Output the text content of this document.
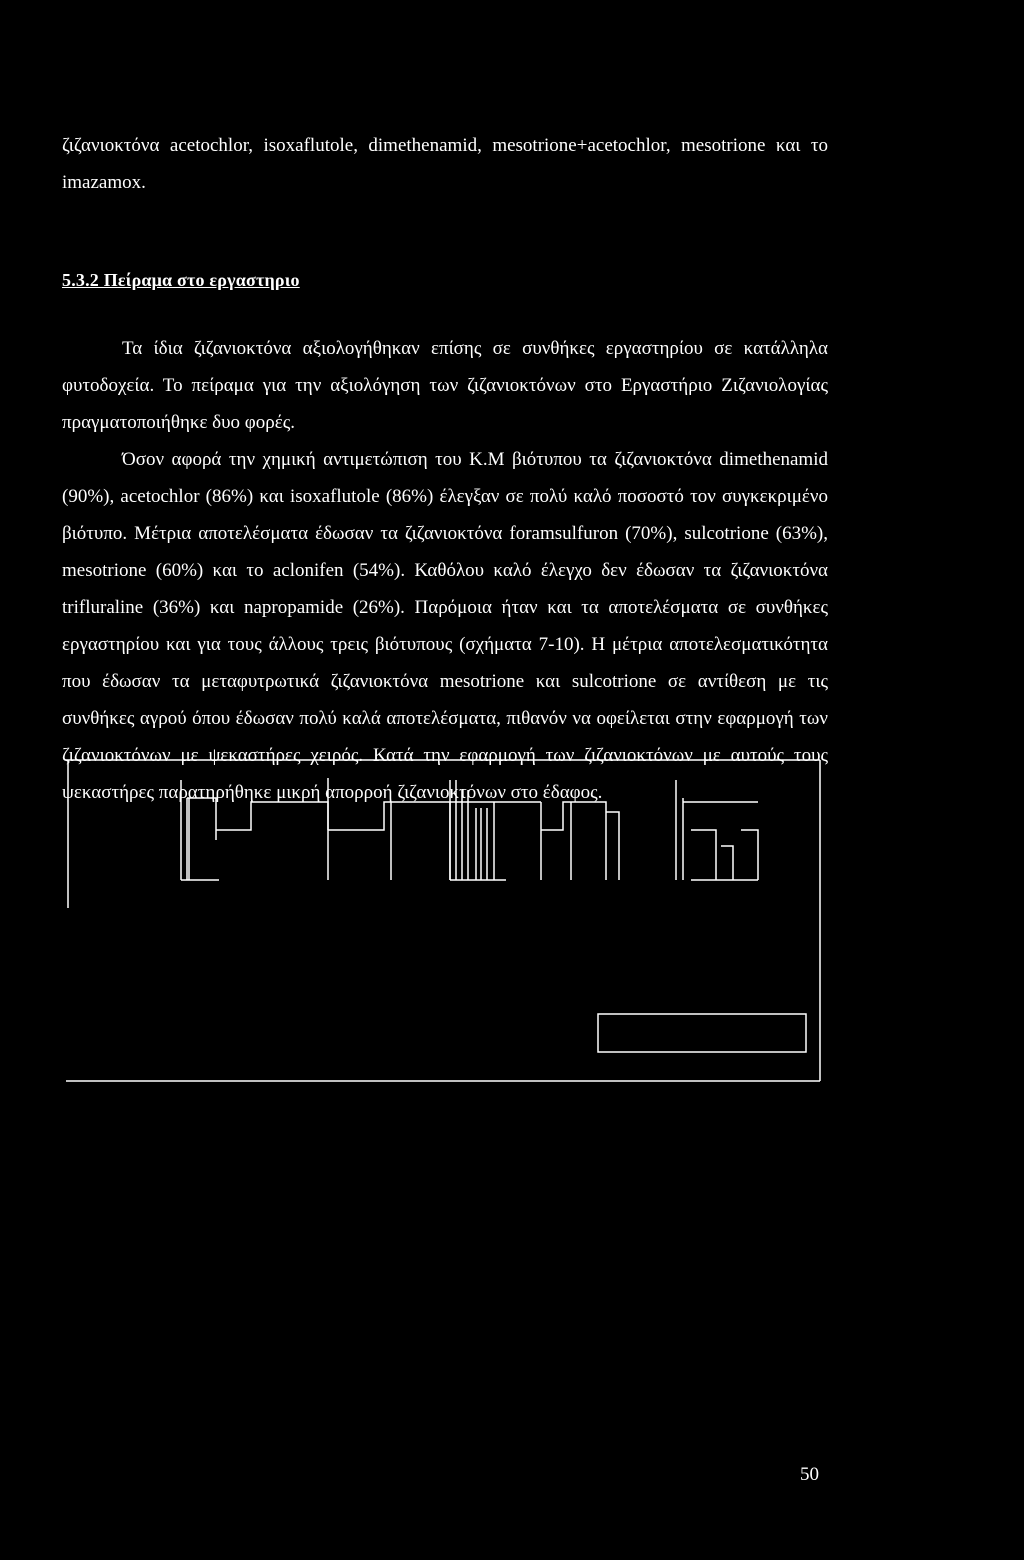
ζιζανιοκτόνα acetochlor, isoxaflutole, dimethenamid, mesotrione+acetochlor, mesotrione και το imazamox.
5.3.2 Πείραμα στο εργαστηριο

Τα ίδια ζιζανιοκτόνα αξιολογήθηκαν επίσης σε συνθήκες εργαστηρίου σε κατάλληλα φυτοδοχεία. Το πείραμα για την αξιολόγηση των ζιζανιοκτόνων στο Εργαστήριο Ζιζανιολογίας πραγματοποιήθηκε δυο φορές.

Όσον αφορά την χημική αντιμετώπιση του Κ.Μ βιότυπου τα ζιζανιοκτόνα dimethenamid (90%), acetochlor (86%) και isoxaflutole (86%) έλεγξαν σε πολύ καλό ποσοστό τον συγκεκριμένο βιότυπο. Μέτρια αποτελέσματα έδωσαν τα ζιζανιοκτόνα foramsulfuron (70%), sulcotrione (63%), mesotrione (60%) και το aclonifen (54%). Καθόλου καλό έλεγχο δεν έδωσαν τα ζιζανιοκτόνα trifluraline (36%) και napropamide (26%). Παρόμοια ήταν και τα αποτελέσματα σε συνθήκες εργαστηρίου και για τους άλλους τρεις βιότυπους (σχήματα 7-10). Η μέτρια αποτελεσματικότητα που έδωσαν τα μεταφυτρωτικά ζιζανιοκτόνα mesotrione και sulcotrione σε αντίθεση με τις συνθήκες αγρού όπου έδωσαν πολύ καλά αποτελέσματα, πιθανόν να οφείλεται στην εφαρμογή των ζιζανιοκτόνων με ψεκαστήρες χειρός. Κατά την εφαρμογή των ζιζανιοκτόνων με αυτούς τους ψεκαστήρες παρατηρήθηκε μικρή απορροή ζιζανιοκτόνων στο έδαφος.

50
